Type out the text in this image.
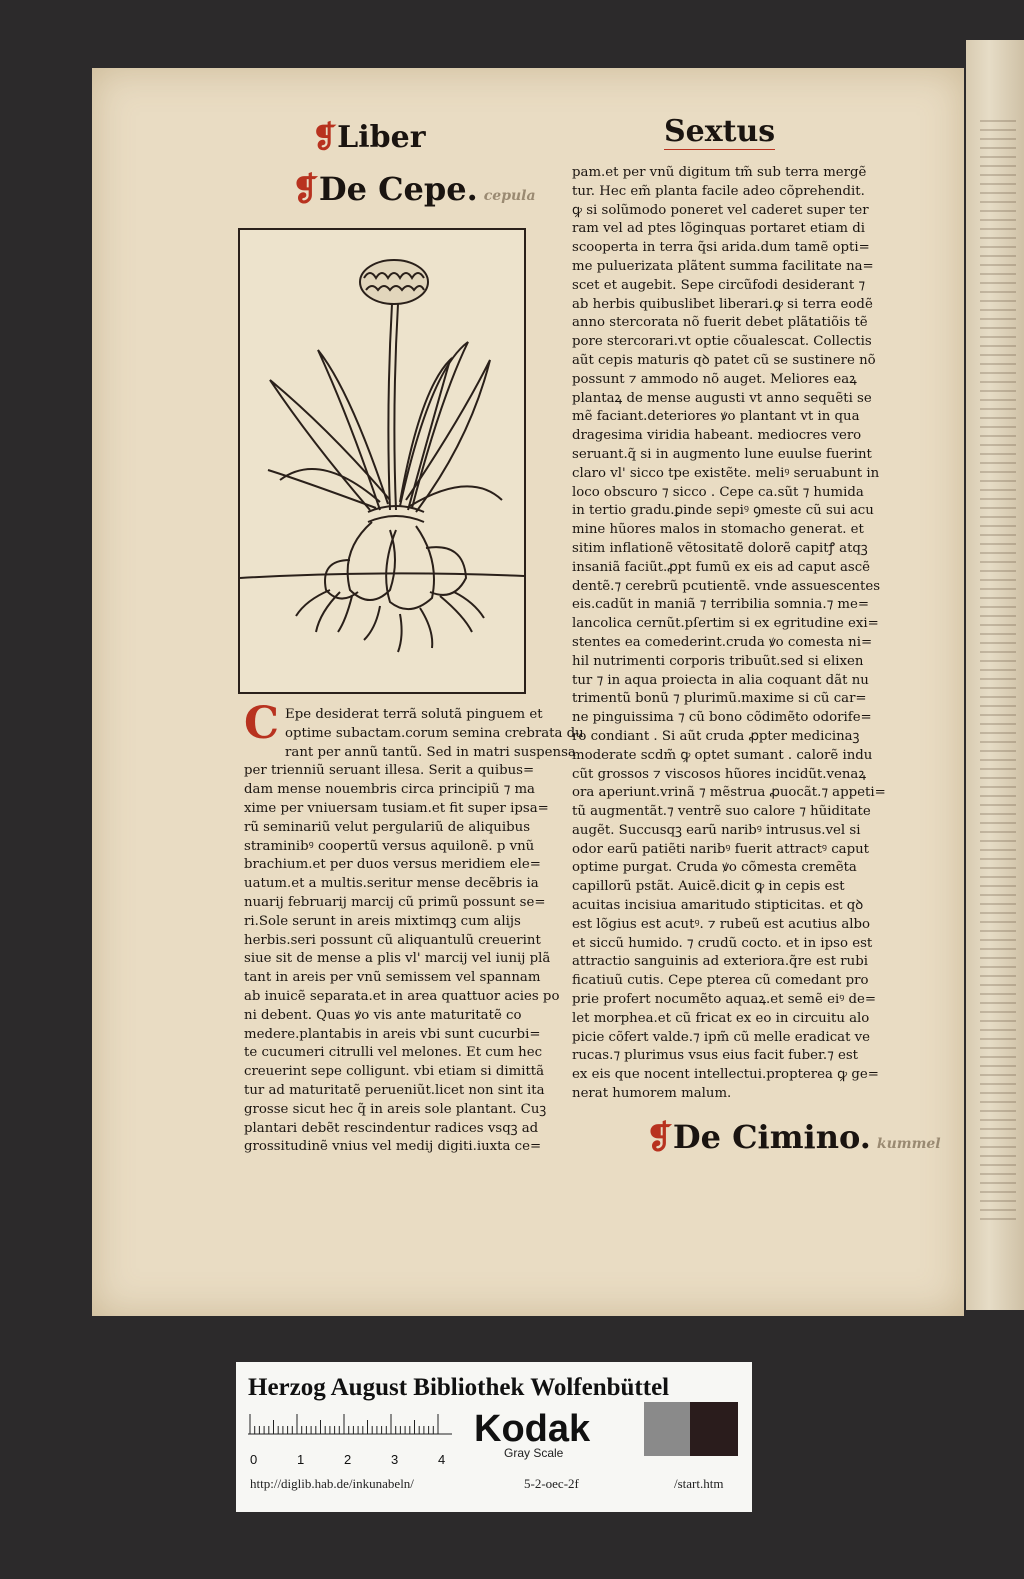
❡Liber	Sextus
❡De Cepe. cepula
C Epe desiderat terrã solutã pinguem et
optime subactam.corum semina crebrata du
rant per annũ tantũ. Sed in matri suspensa
per trienniũ seruant illesa. Serit a quibus=
dam mense nouembris circa principiũ ⁊ ma
xime per vniuersam tusiam.et fit super ipsa=
rũ seminariũ velut pergulariũ de aliquibus
straminibꝰ coopertũ versus aquilonẽ. p vnũ
brachium.et per duos versus meridiem ele=
uatum.et a multis.seritur mense decẽbris ia
nuarij februarij marcij cũ primũ possunt se=
ri.Sole serunt in areis mixtimqꝫ cum alijs
herbis.seri possunt cũ aliquantulũ creuerint
siue sit de mense a plis vl' marcij vel iunij plã
tant in areis per vnũ semissem vel spannam
ab inuicẽ separata.et in area quattuor acies po
ni debent. Quas ꝟo vis ante maturitatẽ co
medere.plantabis in areis vbi sunt cucurbi=
te cucumeri citrulli vel melones. Et cum hec
creuerint sepe colligunt. vbi etiam si dimittã
tur ad maturitatẽ perueniũt.licet non sint ita
grosse sicut hec q̃ in areis sole plantant. Cuꝫ
plantari debẽt rescindentur radices vsqꝫ ad
grossitudinẽ vnius vel medij digiti.iuxta ce=

pam.et per vnũ digitum tm̃ sub terra mergẽ
tur. Hec em̃ planta facile adeo cõprehendit.
ꝙ si solũmodo poneret vel caderet super ter
ram vel ad ptes lõginquas portaret etiam di
scooperta in terra q̃si arida.dum tamẽ opti=
me puluerizata plãtent summa facilitate na=
scet et augebit. Sepe circũfodi desiderant ⁊
ab herbis quibuslibet liberari.ꝙ si terra eodẽ
anno stercorata nõ fuerit debet plãtatiõis tẽ
pore stercorari.vt optie cõualescat. Collectis
aũt cepis maturis qꝺ patet cũ se sustinere nõ
possunt ⁊ ammodo nõ auget. Meliores eaꝝ
plantaꝝ de mense augusti vt anno sequẽti se
mẽ faciant.deteriores ꝟo plantant vt in qua
dragesima viridia habeant. mediocres vero
seruant.q̃ si in augmento lune euulse fuerint
claro vl' sicco tpe existẽte. meliꝰ seruabunt in
loco obscuro ⁊ sicco . Cepe ca.sũt ⁊ humida
in tertio gradu.ꝑinde sepiꝰ ꝯmeste cũ sui acu
mine hũores malos in stomacho generat. et
sitim inflationẽ vẽtositatẽ dolorẽ capitꝭ atqꝫ
insaniã faciũt.ꝓpt fumũ ex eis ad caput ascẽ
dentẽ.⁊ cerebrũ pcutientẽ. vnde assuescentes
eis.cadũt in maniã ⁊ terribilia somnia.⁊ me=
lancolica cernũt.pſertim si ex egritudine exi=
stentes ea comederint.cruda ꝟo comesta ni=
hil nutrimenti corporis tribuũt.sed si elixen
tur ⁊ in aqua proiecta in alia coquant dãt nu
trimentũ bonũ ⁊ plurimũ.maxime si cũ car=
ne pinguissima ⁊ cũ bono cõdimẽto odorife=
ro condiant . Si aũt cruda ꝓpter medicinaꝫ
moderate scdm̃ ꝙ optet sumant . calorẽ indu
cũt grossos ⁊ viscosos hũores incidũt.venaꝝ
ora aperiunt.vrinã ⁊ mẽstrua ꝓuocãt.⁊ appeti=
tũ augmentãt.⁊ ventrẽ suo calore ⁊ hũiditate
augẽt. Succusqꝫ earũ naribꝰ intrusus.vel si
odor earũ patiẽti naribꝰ fuerit attractꝰ caput
optime purgat. Cruda ꝟo cõmesta cremẽta
capillorũ pstãt. Auicẽ.dicit ꝙ in cepis est
acuitas incisiua amaritudo stipticitas. et qꝺ
est lõgius est acutꝰ. ⁊ rubeũ est acutius albo
et siccũ humido. ⁊ crudũ cocto. et in ipso est
attractio sanguinis ad exteriora.q̃re est rubi
ficatiuũ cutis. Cepe pterea cũ comedant pro
prie profert nocumẽto aquaꝝ.et semẽ eiꝰ de=
let morphea.et cũ fricat ex eo in circuitu alo
picie cõfert valde.⁊ ipm̃ cũ melle eradicat ve
rucas.⁊ plurimus vsus eius facit fuber.⁊ est
ex eis que nocent intellectui.propterea ꝙ ge=
nerat humorem malum.

❡De Cimino. kummel
Herzog August Bibliothek Wolfenbüttel
0	1	2	3	4
Kodak
Gray Scale
http://diglib.hab.de/inkunabeln/	5-2-oec-2f	/start.htm
